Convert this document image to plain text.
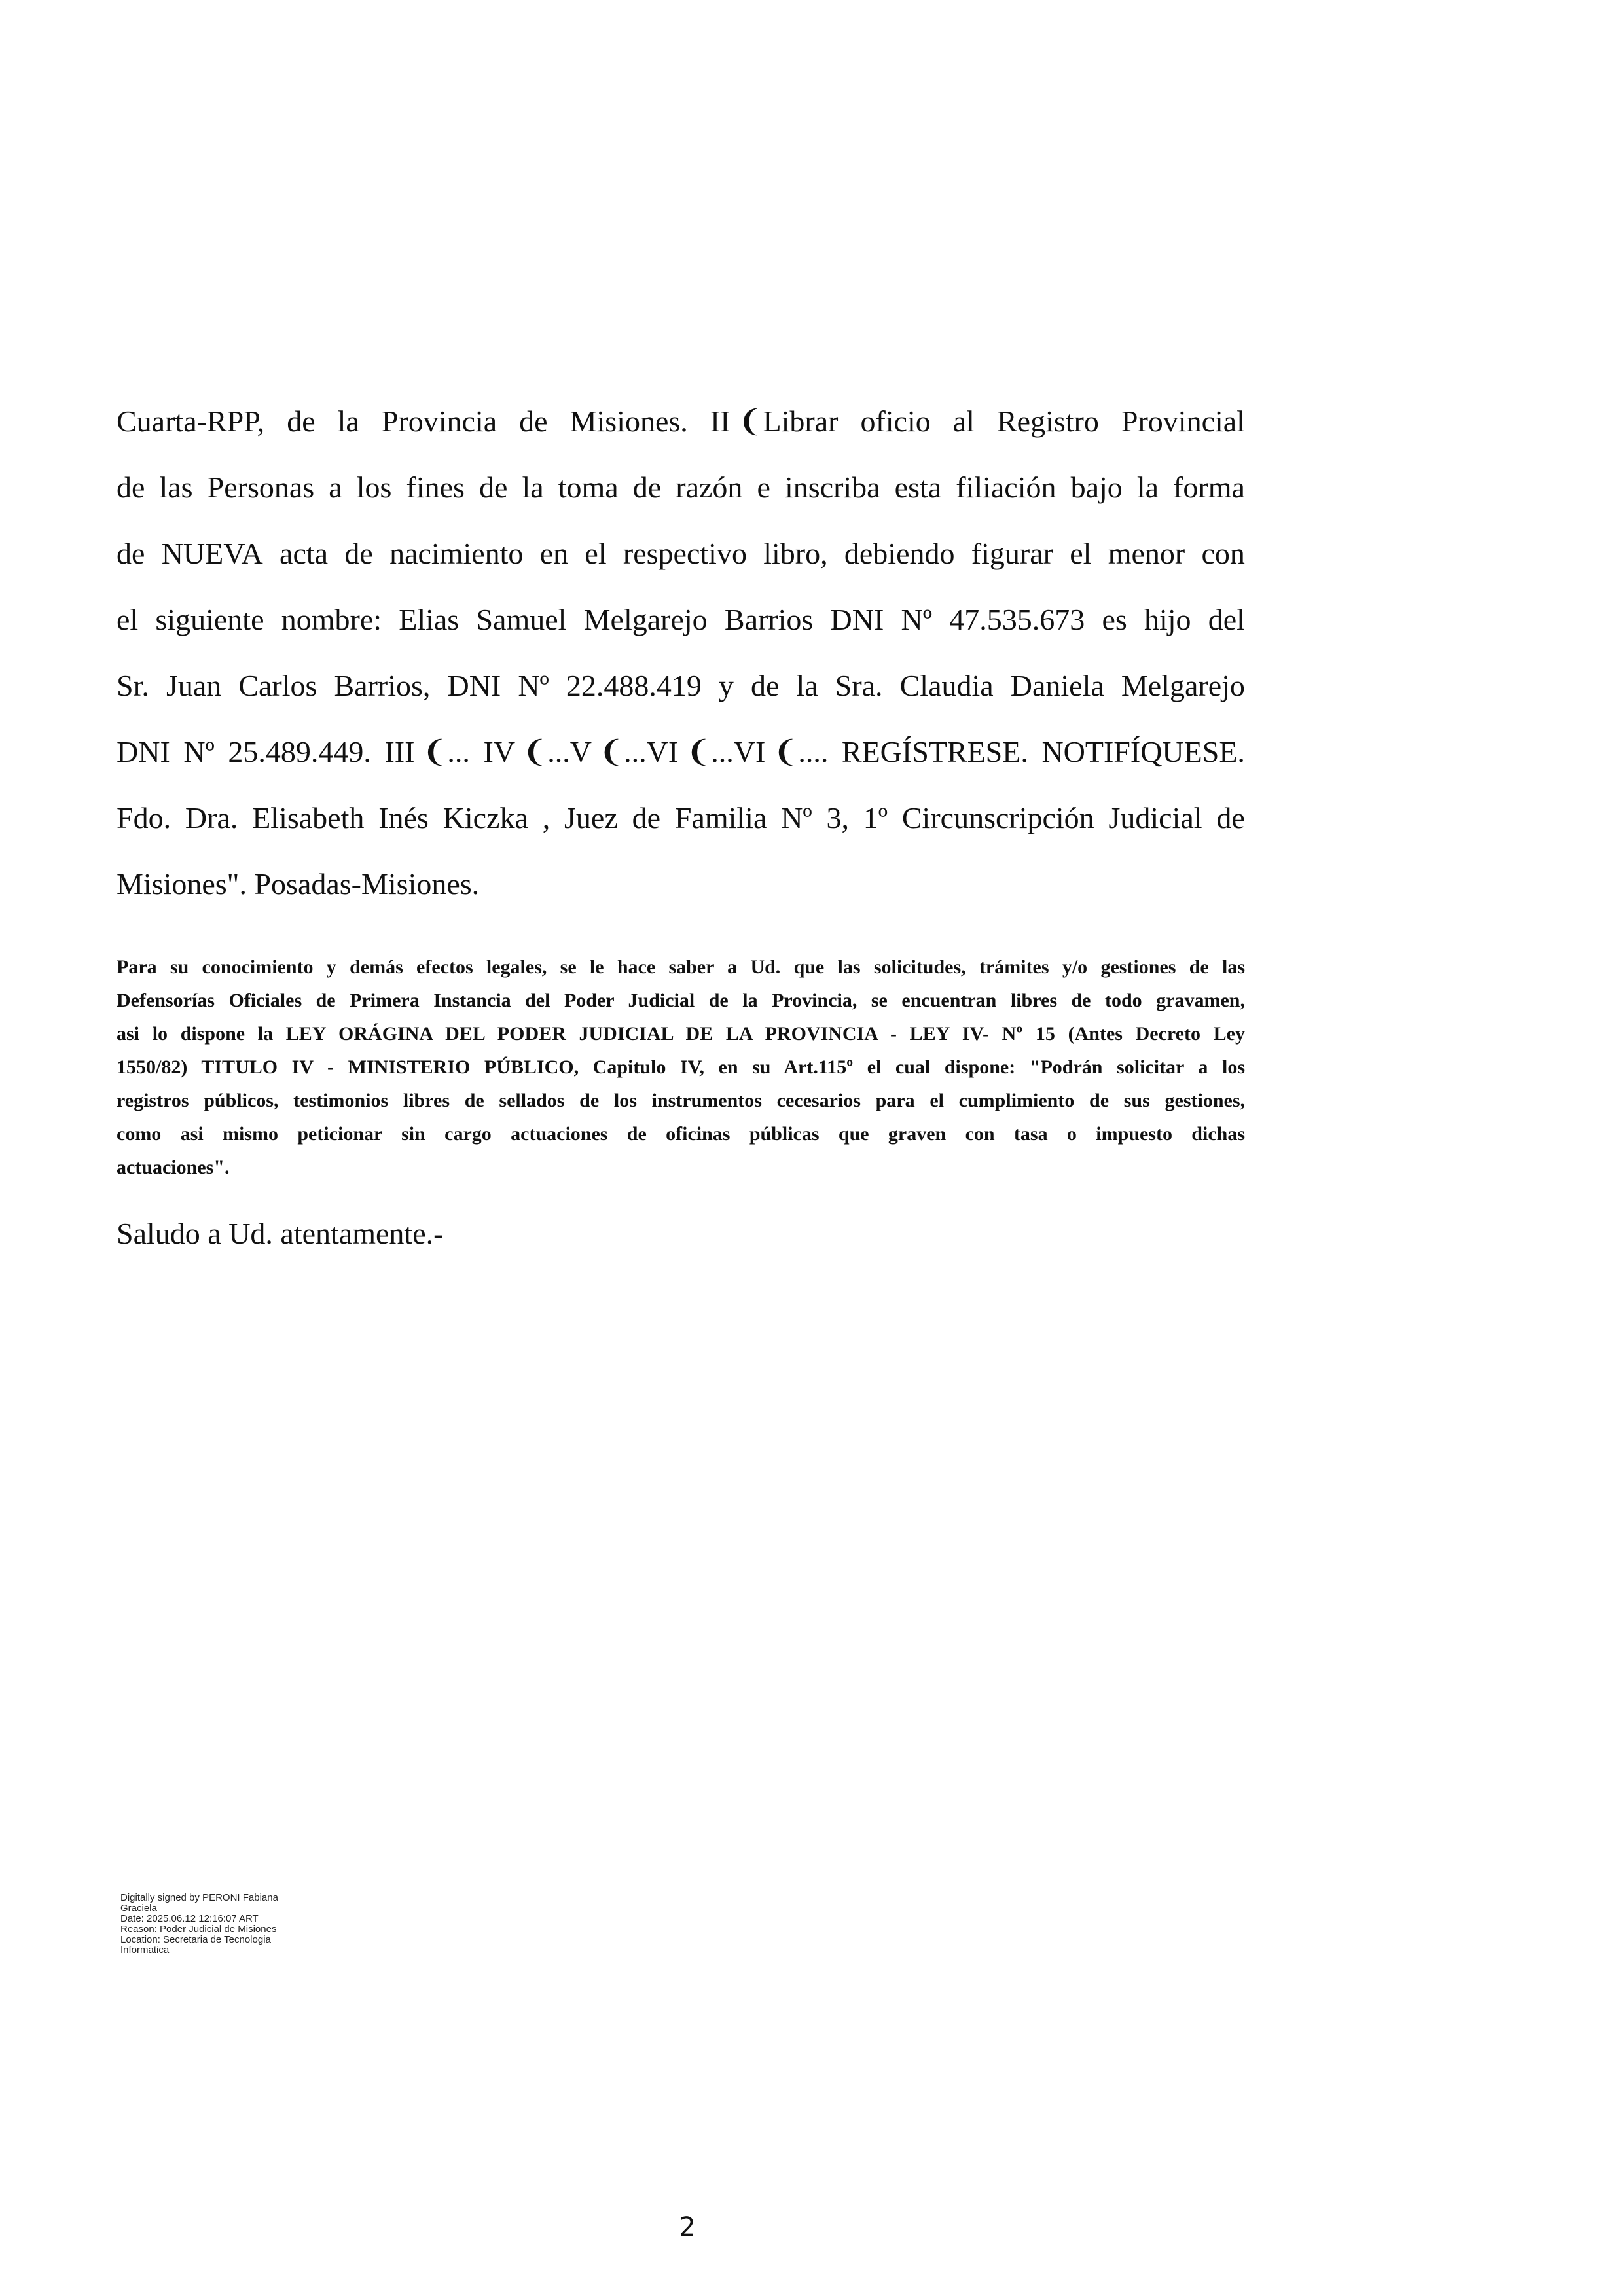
Cuarta-RPP, de la Provincia de Misiones. II ❨Librar oficio al Registro Provincial
de las Personas a los fines de la toma de razón e inscriba esta filiación bajo la forma
de NUEVA acta de nacimiento en el respectivo libro, debiendo figurar el menor con
el siguiente nombre: Elias Samuel Melgarejo Barrios DNI Nº 47.535.673 es hijo del
Sr. Juan Carlos Barrios, DNI Nº 22.488.419 y de la Sra. Claudia Daniela Melgarejo
DNI Nº 25.489.449. III ❨... IV ❨...V ❨...VI ❨...VI ❨.... REGÍSTRESE. NOTIFÍQUESE.
Fdo. Dra. Elisabeth Inés Kiczka , Juez de Familia Nº 3, 1º Circunscripción Judicial de
Misiones". Posadas-Misiones.
Para su conocimiento y demás efectos legales, se le hace saber a Ud. que las solicitudes, trámites y/o gestiones de las
Defensorías Oficiales de Primera Instancia del Poder Judicial de la Provincia, se encuentran libres de todo gravamen,
asi lo dispone la LEY ORÁGINA DEL PODER JUDICIAL DE LA PROVINCIA - LEY IV- Nº 15 (Antes Decreto Ley
1550/82) TITULO IV - MINISTERIO PÚBLICO, Capitulo IV, en su Art.115º el cual dispone: "Podrán solicitar a los
registros públicos, testimonios libres de sellados de los instrumentos cecesarios para el cumplimiento de sus gestiones,
como asi mismo peticionar sin cargo actuaciones de oficinas públicas que graven con tasa o impuesto dichas
actuaciones".
Saludo a Ud. atentamente.-
Digitally signed by PERONI Fabiana
Graciela
Date: 2025.06.12 12:16:07 ART
Reason: Poder Judicial de Misiones
Location: Secretaria de Tecnologia
Informatica
2
